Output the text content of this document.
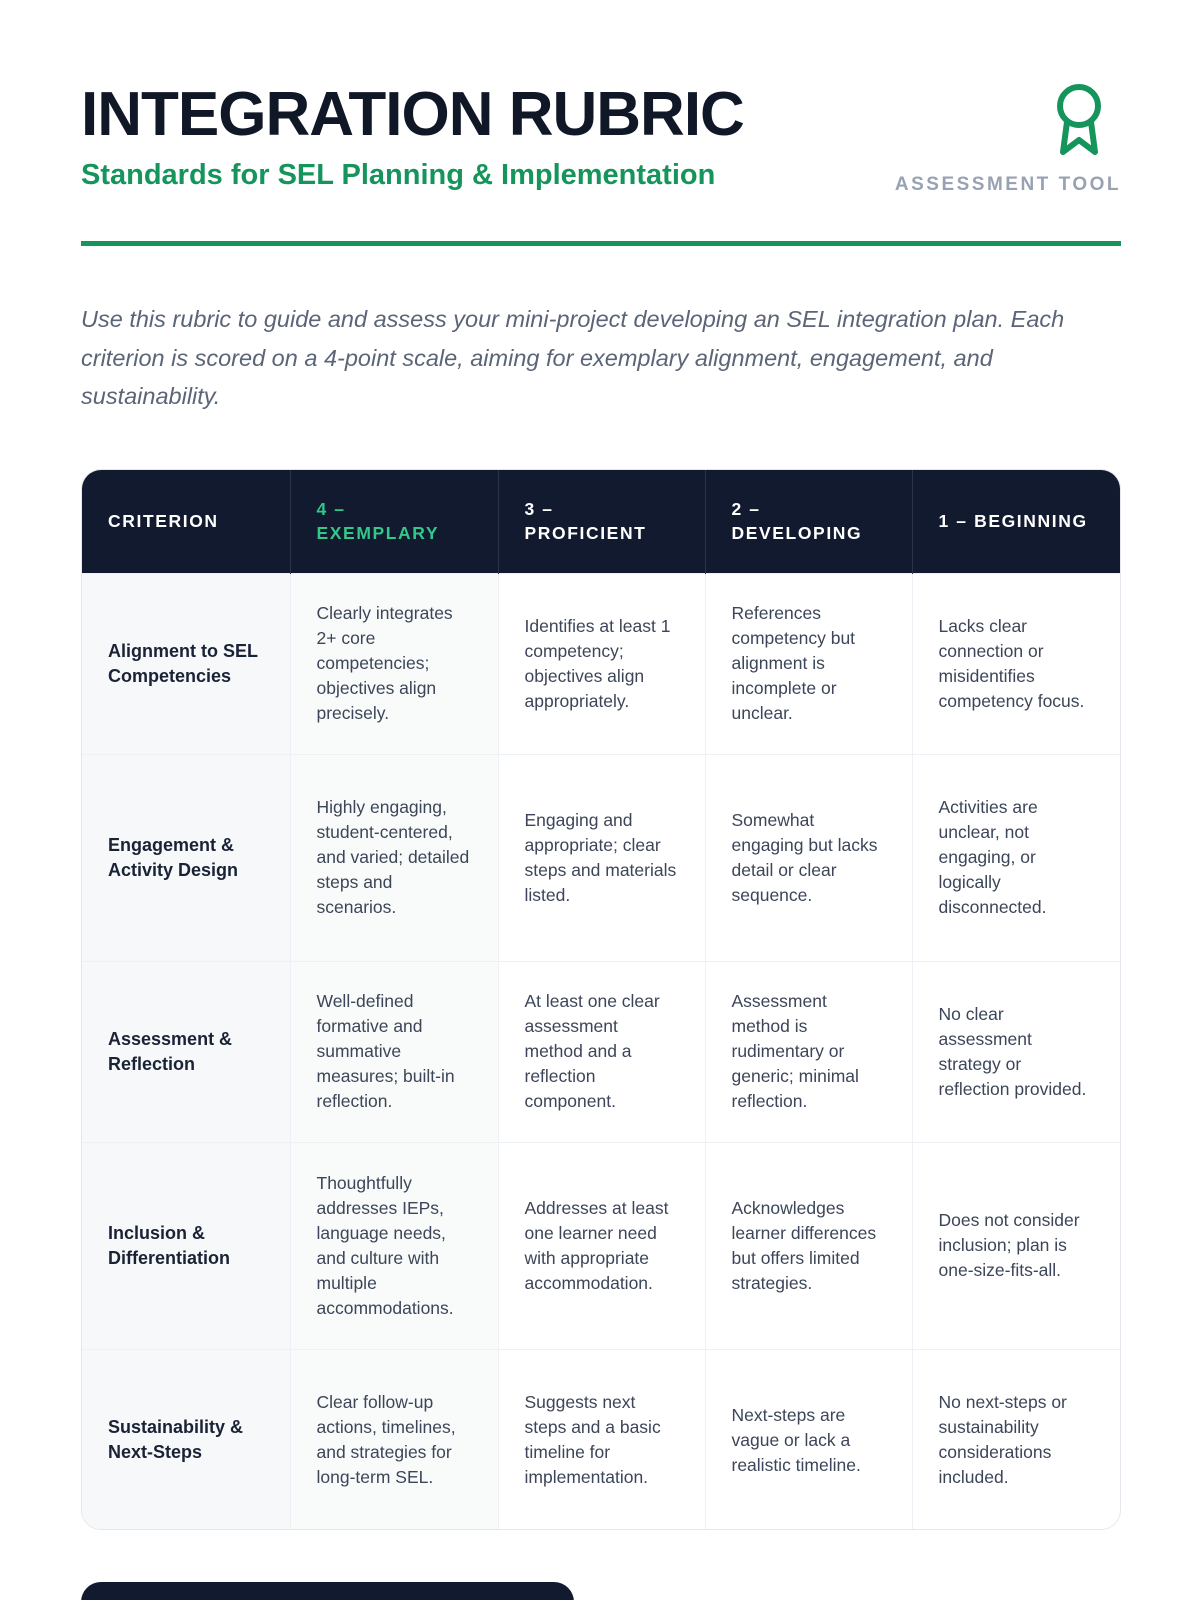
INTEGRATION RUBRIC
Standards for SEL Planning & Implementation	ASSESSMENT TOOL

Use this rubric to guide and assess your mini-project developing an SEL integration plan. Each criterion is scored on a 4-point scale, aiming for exemplary alignment, engagement, and sustainability.

CRITERION	4 – EXEMPLARY	3 – PROFICIENT	2 – DEVELOPING	1 – BEGINNING
Alignment to SEL Competencies	Clearly integrates 2+ core competencies; objectives align precisely.	Identifies at least 1 competency; objectives align appropriately.	References competency but alignment is incomplete or unclear.	Lacks clear connection or misidentifies competency focus.
Engagement & Activity Design	Highly engaging, student-centered, and varied; detailed steps and scenarios.	Engaging and appropriate; clear steps and materials listed.	Somewhat engaging but lacks detail or clear sequence.	Activities are unclear, not engaging, or logically disconnected.
Assessment & Reflection	Well-defined formative and summative measures; built-in reflection.	At least one clear assessment method and a reflection component.	Assessment method is rudimentary or generic; minimal reflection.	No clear assessment strategy or reflection provided.
Inclusion & Differentiation	Thoughtfully addresses IEPs, language needs, and culture with multiple accommodations.	Addresses at least one learner need with appropriate accommodation.	Acknowledges learner differences but offers limited strategies.	Does not consider inclusion; plan is one-size-fits-all.
Sustainability & Next-Steps	Clear follow-up actions, timelines, and strategies for long-term SEL.	Suggests next steps and a basic timeline for implementation.	Next-steps are vague or lack a realistic timeline.	No next-steps or sustainability considerations included.
